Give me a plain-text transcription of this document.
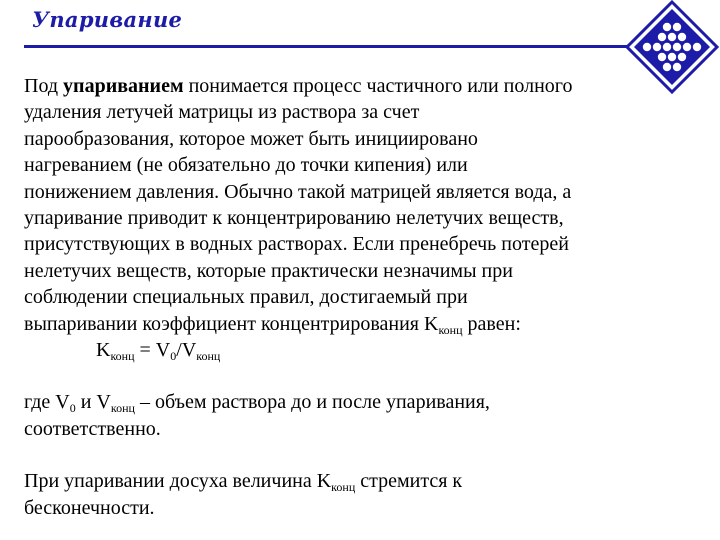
Упаривание
Под упариванием понимается процесс частичного или полного
удаления летучей матрицы из раствора за счет
парообразования, которое может быть инициировано
нагреванием (не обязательно до точки кипения) или
понижением давления. Обычно такой матрицей является вода, а
упаривание приводит к концентрированию нелетучих веществ,
присутствующих в водных растворах. Если пренебречь потерей
нелетучих веществ, которые практически незначимы при
соблюдении специальных правил, достигаемый при
выпаривании коэффициент концентрирования $K_{конц}$ равен:
$K_{конц} = V_0/V_{конц}$
где $V_0$ и $V_{конц}$ – объем раствора до и после упаривания,
соответственно.
При упаривании досуха величина $K_{конц}$ стремится к
бесконечности.
